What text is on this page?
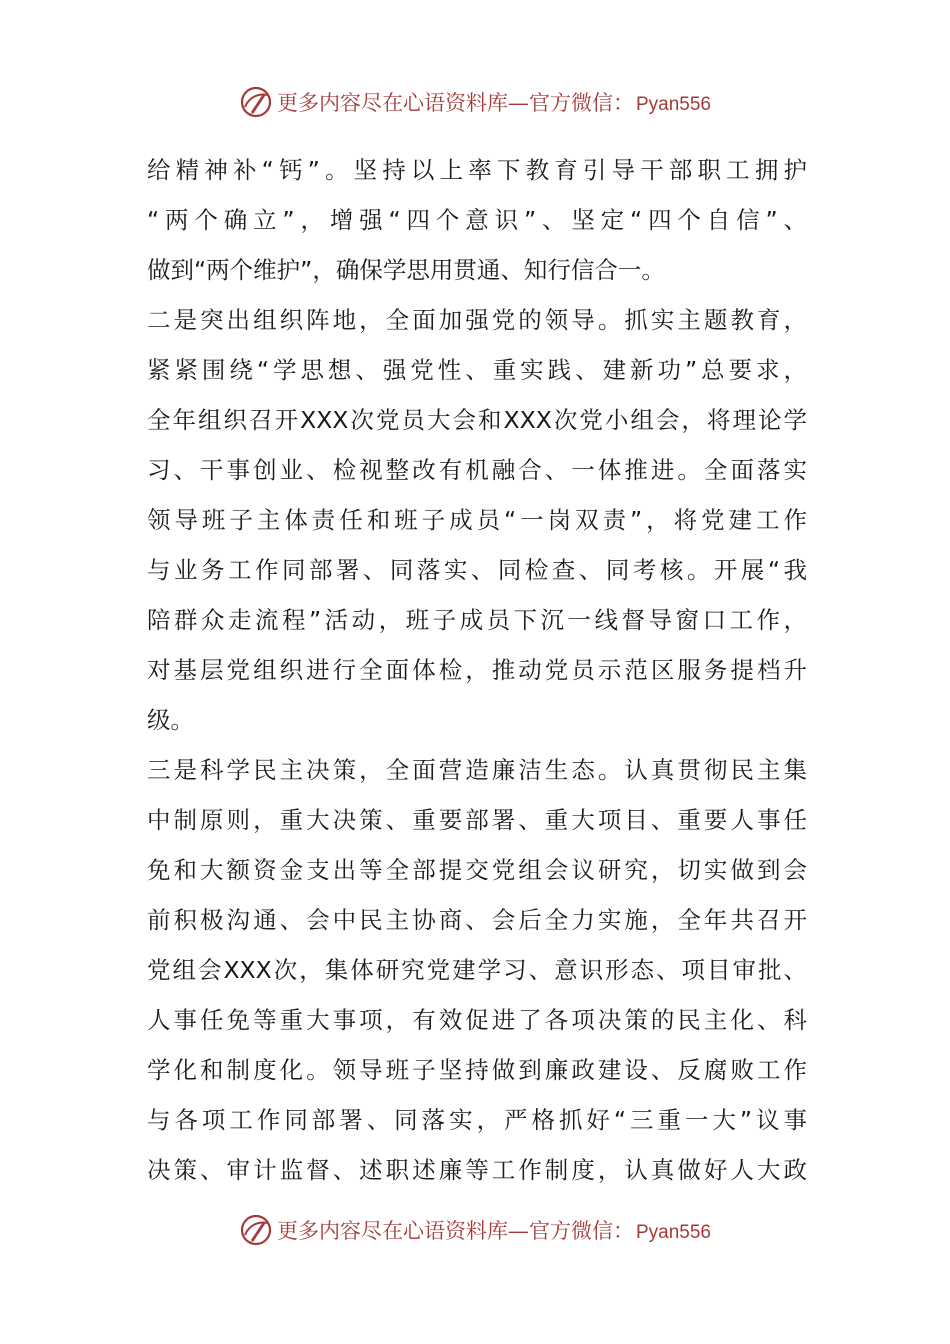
更多内容尽在心语资料库—官方微信： Pyan556
给精神补“钙”。坚持以上率下教育引导干部职工拥护
“两个确立”，增强“四个意识”、坚定“四个自信”、
做到“两个维护”，确保学思用贯通、知行信合一。
二是突出组织阵地，全面加强党的领导。抓实主题教育，
紧紧围绕“学思想、强党性、重实践、建新功”总要求，
全年组织召开XXX次党员大会和XXX次党小组会，将理论学
习、干事创业、检视整改有机融合、一体推进。全面落实
领导班子主体责任和班子成员“一岗双责”，将党建工作
与业务工作同部署、同落实、同检查、同考核。开展“我
陪群众走流程”活动，班子成员下沉一线督导窗口工作，
对基层党组织进行全面体检，推动党员示范区服务提档升
级。
三是科学民主决策，全面营造廉洁生态。认真贯彻民主集
中制原则，重大决策、重要部署、重大项目、重要人事任
免和大额资金支出等全部提交党组会议研究，切实做到会
前积极沟通、会中民主协商、会后全力实施，全年共召开
党组会XXX次，集体研究党建学习、意识形态、项目审批、
人事任免等重大事项，有效促进了各项决策的民主化、科
学化和制度化。领导班子坚持做到廉政建设、反腐败工作
与各项工作同部署、同落实，严格抓好“三重一大”议事
决策、审计监督、述职述廉等工作制度，认真做好人大政
更多内容尽在心语资料库—官方微信： Pyan556
